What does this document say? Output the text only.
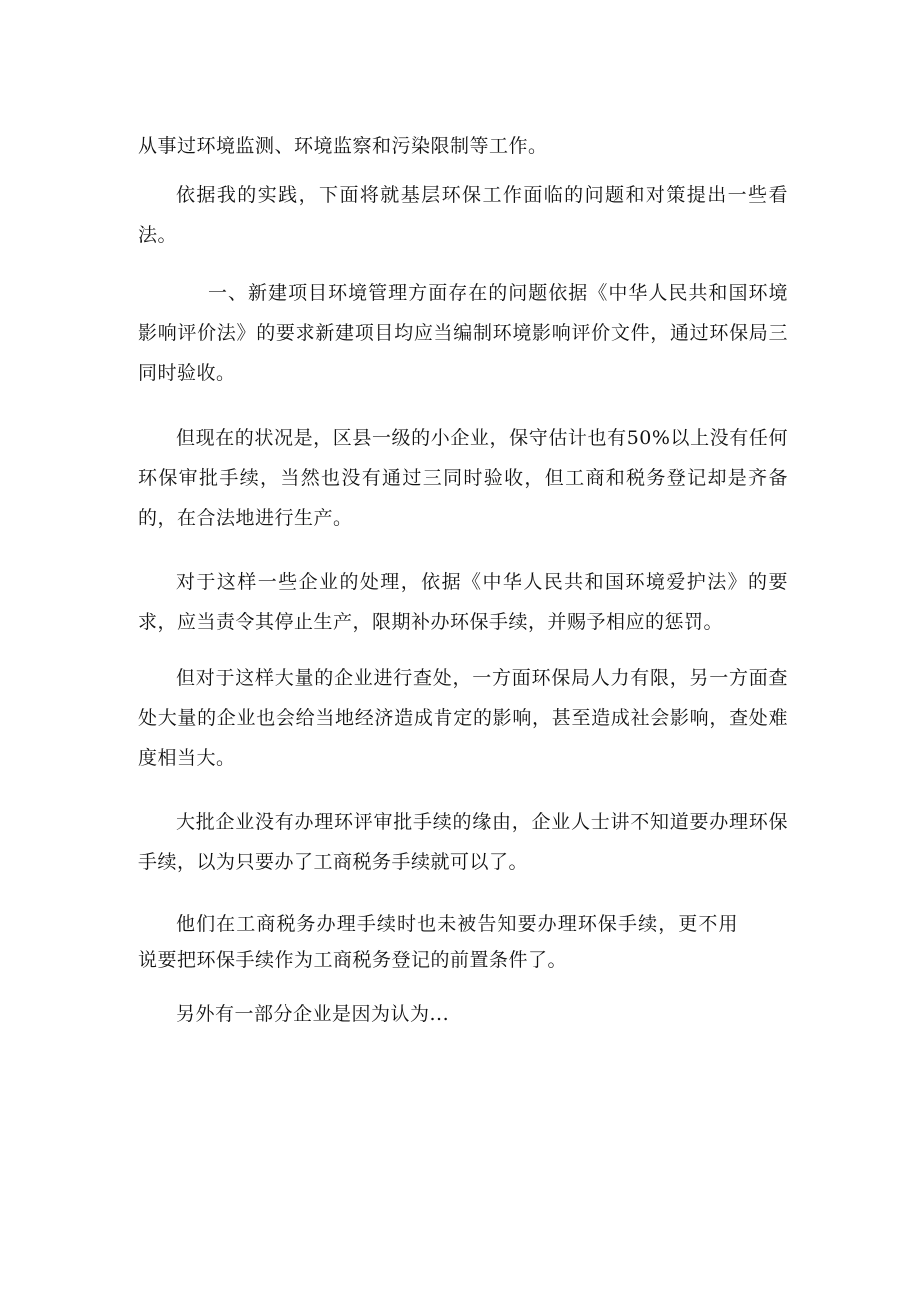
从事过环境监测、环境监察和污染限制等工作。

依据我的实践，下面将就基层环保工作面临的问题和对策提出一些看法。

一、新建项目环境管理方面存在的问题依据《中华人民共和国环境影响评价法》的要求新建项目均应当编制环境影响评价文件，通过环保局三同时验收。

但现在的状况是，区县一级的小企业，保守估计也有50%以上没有任何环保审批手续，当然也没有通过三同时验收，但工商和税务登记却是齐备的，在合法地进行生产。

对于这样一些企业的处理，依据《中华人民共和国环境爱护法》的要求，应当责令其停止生产，限期补办环保手续，并赐予相应的惩罚。

但对于这样大量的企业进行查处，一方面环保局人力有限，另一方面查处大量的企业也会给当地经济造成肯定的影响，甚至造成社会影响，查处难度相当大。

大批企业没有办理环评审批手续的缘由，企业人士讲不知道要办理环保手续，以为只要办了工商税务手续就可以了。

他们在工商税务办理手续时也未被告知要办理环保手续，更不用说要把环保手续作为工商税务登记的前置条件了。

另外有一部分企业是因为认为...
